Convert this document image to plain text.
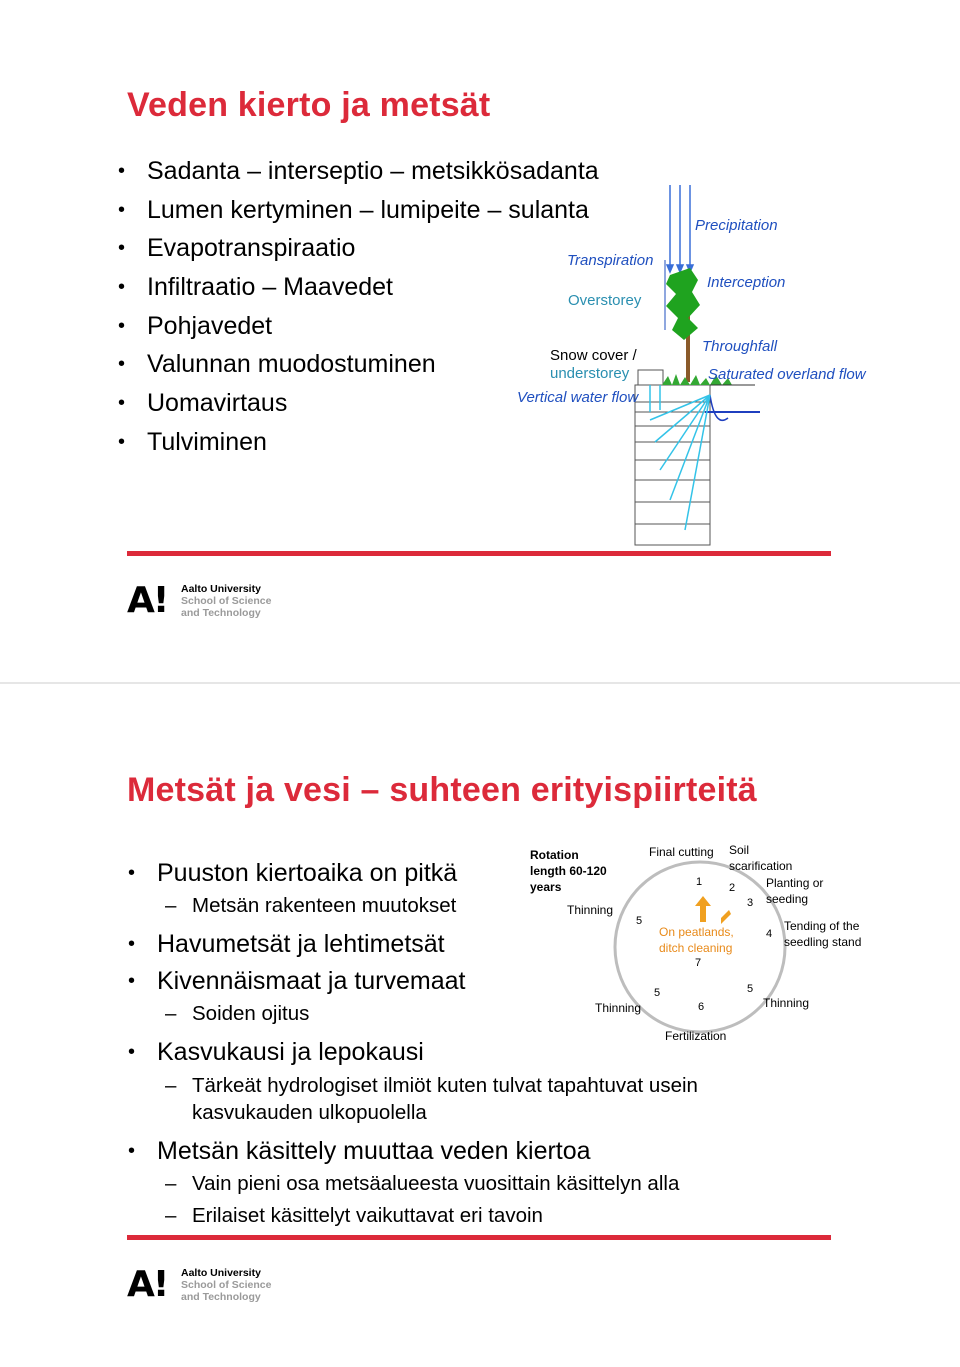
Veden kierto ja metsät
• Sadanta – interseptio – metsikkösadanta
• Lumen kertyminen – lumipeite – sulanta
• Evapotranspiraatio
• Infiltraatio – Maavedet
• Pohjavedet
• Valunnan muodostuminen
• Uomavirtaus
• Tulviminen
Precipitation
Transpiration
Interception
Overstorey
Snow cover /
understorey
Throughfall
Saturated overland flow
Vertical water flow
A! Aalto University
School of Science
and Technology
Metsät ja vesi – suhteen erityispiirteitä
• Puuston kiertoaika on pitkä
– Metsän rakenteen muutokset
• Havumetsät ja lehtimetsät
• Kivennäismaat ja turvemaat
– Soiden ojitus
• Kasvukausi ja lepokausi
– Tärkeät hydrologiset ilmiöt kuten tulvat tapahtuvat usein kasvukauden ulkopuolella
• Metsän käsittely muuttaa veden kiertoa
– Vain pieni osa metsäalueesta vuosittain käsittelyn alla
– Erilaiset käsittelyt vaikuttavat eri tavoin
Rotation
length 60-120
years
Final cutting Soil
scarification
Planting or
seeding
Tending of the
seedling stand
Thinning
Thinning	Thinning
Fertilization
On peatlands,
ditch cleaning
1 2
3
4
5
5	5
6
7
A! Aalto University
School of Science
and Technology
